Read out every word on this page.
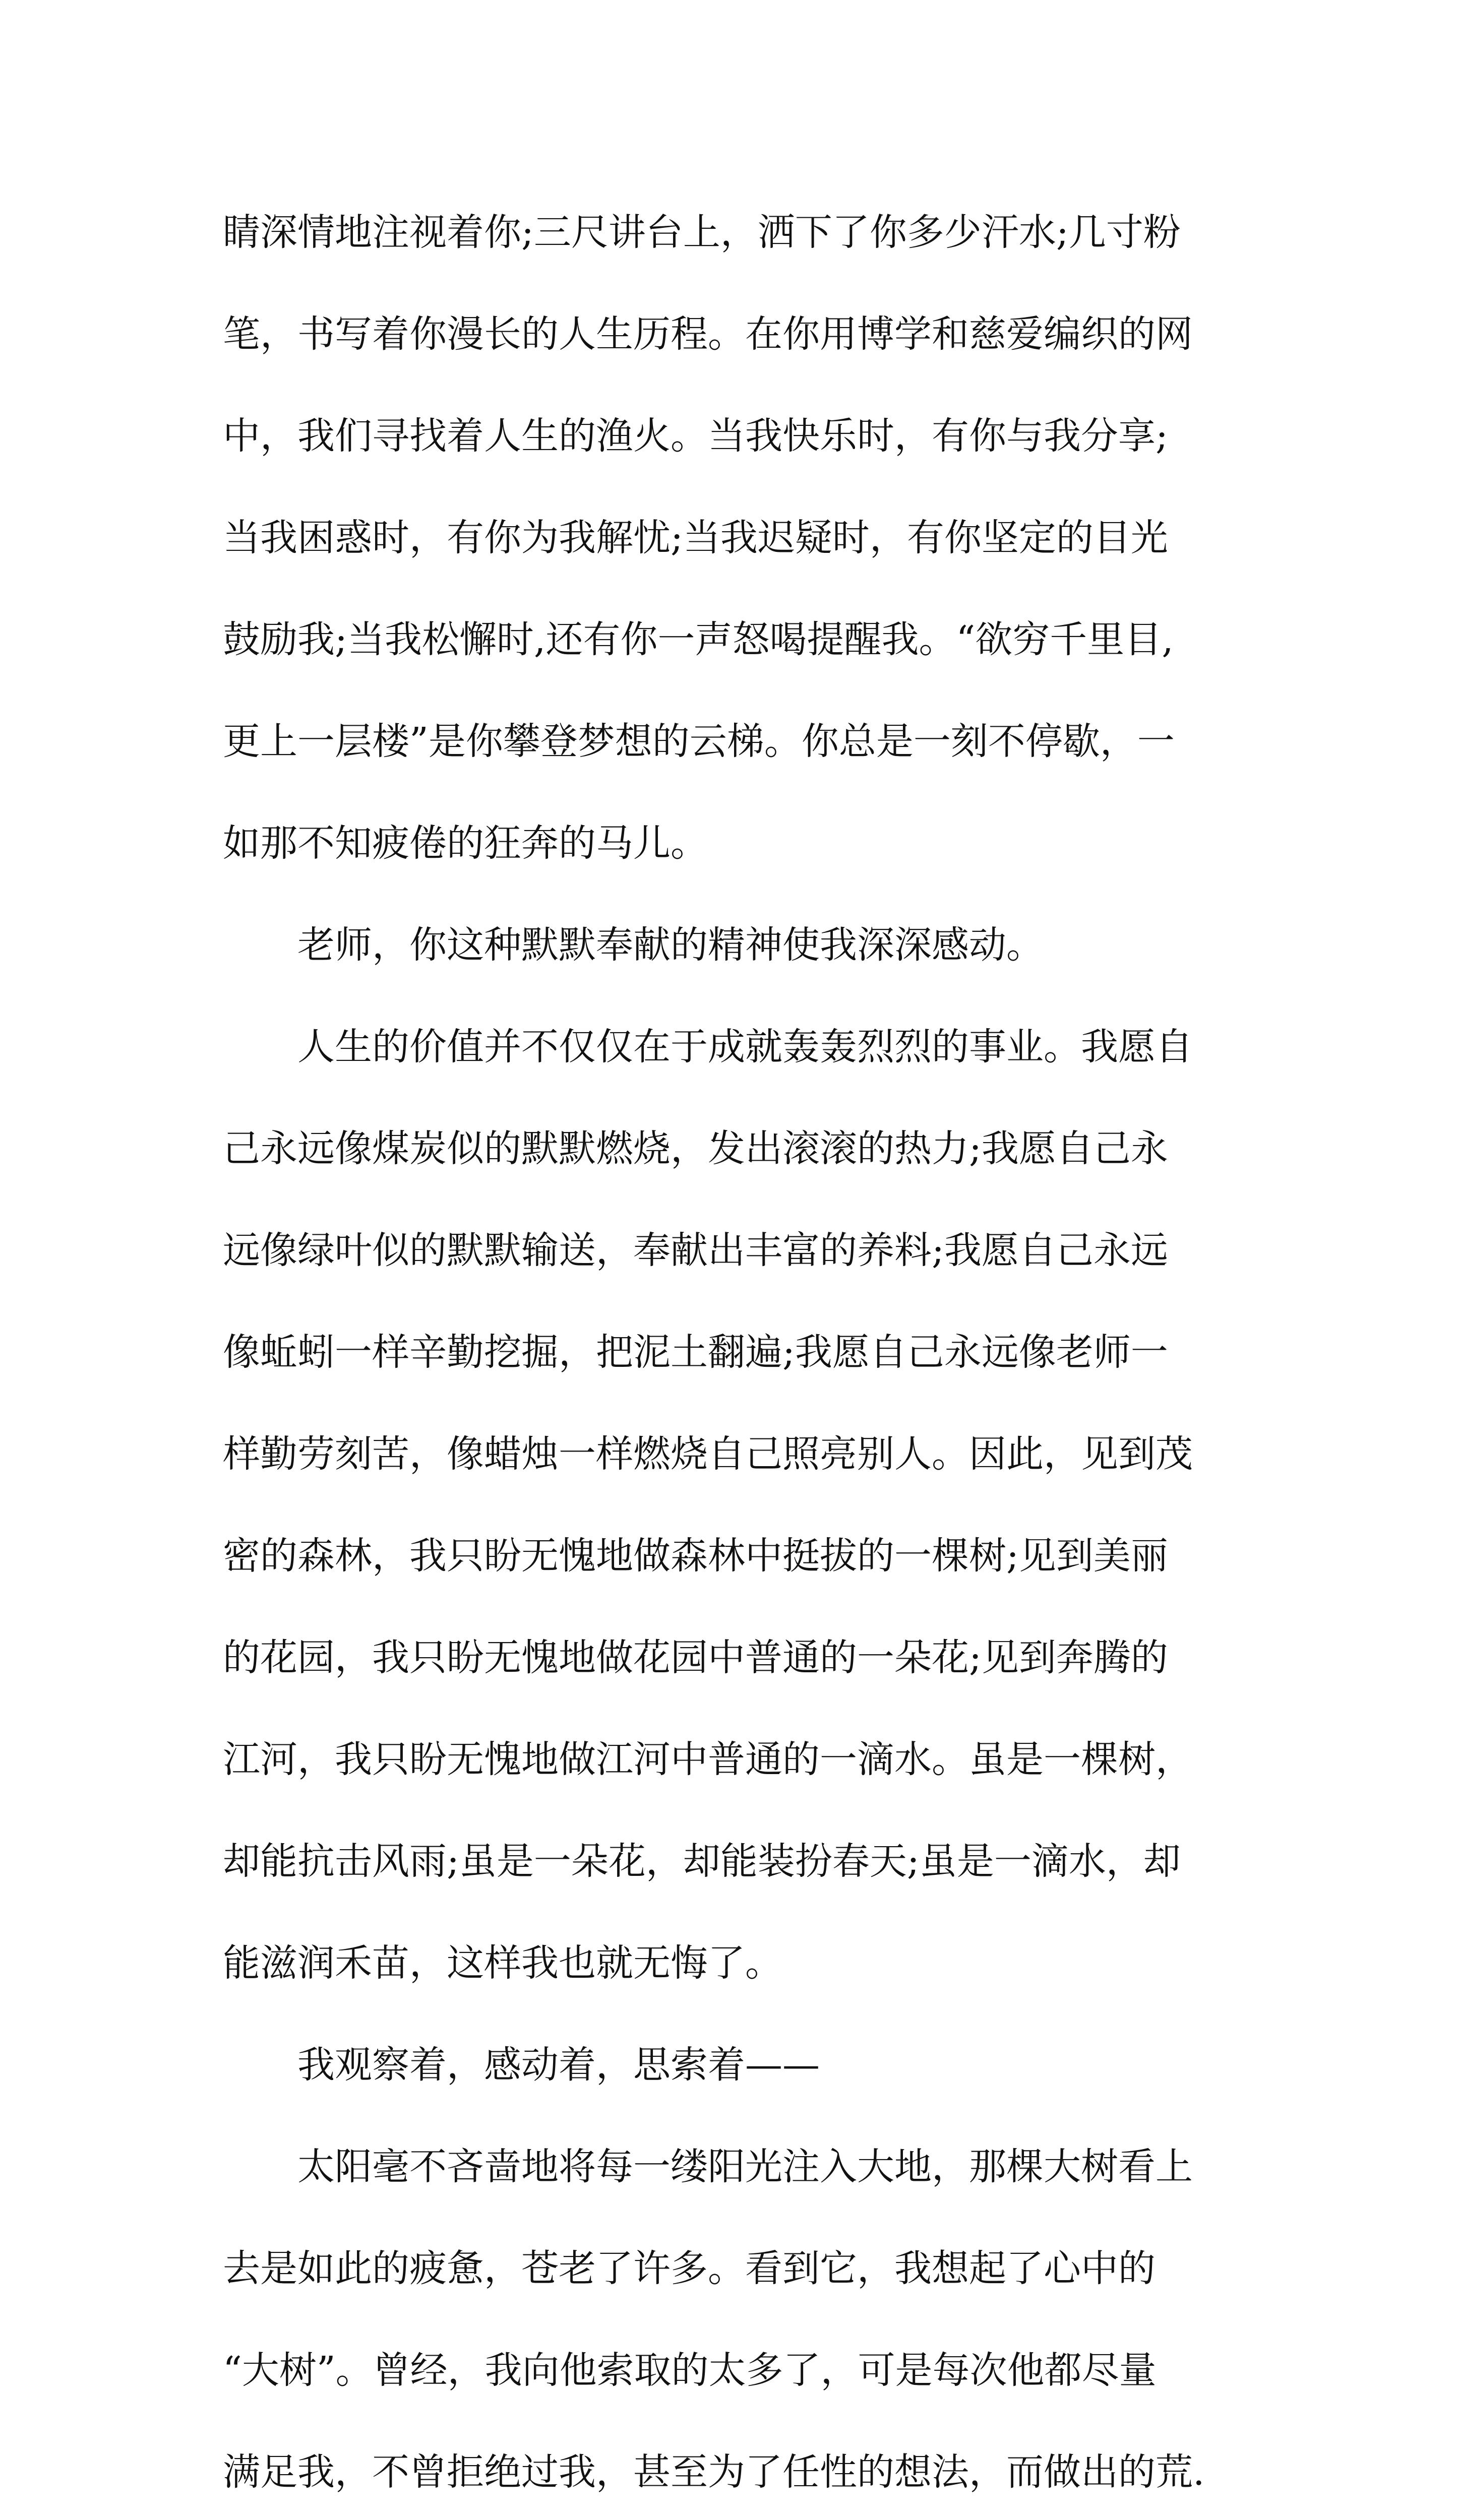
睛深情地注视着你;三尺讲台上，洒下了你多少汗水;几寸粉
笔，书写着你漫长的人生历程。在你用博学和慈爱编织的网
中，我们寻找着人生的渔火。当我快乐时，有你与我分享;
当我困惑时，有你为我解忧;当我迟疑时，有你坚定的目光
鼓励我;当我松懈时,还有你一声怒喝提醒我。“欲穷千里目,
更上一层楼”是你攀登梦想的云梯。你总是一刻不停歇，一
如那不知疲倦的狂奔的马儿。
老师，你这种默默奉献的精神使我深深感动。
人生的价值并不仅仅在于成就轰轰烈烈的事业。我愿自
己永远像煤炭似的默默燃烧，发出滚滚的热力;我愿自己永
远像绿叶似的默默输送，奉献出丰富的养料;我愿自己永远
像蚯蚓一样辛勤挖掘，把泥土翻遍;我愿自己永远像老师一
样勤劳刻苦，像蜡烛一样燃烧自己照亮别人。因此，见到茂
密的森林，我只盼无愧地做森林中挺拔的一棵树;见到美丽
的花园，我只盼无愧地做花园中普通的一朵花;见到奔腾的
江河，我只盼无愧地做江河中普通的一滴水。虽是一棵树，
却能抗击风雨;虽是一朵花，却能装扮春天;虽是一滴水，却
能滋润禾苗，这样我也就无悔了。
我观察着，感动着，思索着——
太阳毫不吝啬地将每一缕阳光注入大地，那棵大树看上
去是如此的疲惫，苍老了许多。看到它，我想起了心中的
“大树”。曾经，我向他索取的太多了，可是每次他都尽量
满足我，不曾拒绝过我，甚至为了任性的想法，而做出的荒.
